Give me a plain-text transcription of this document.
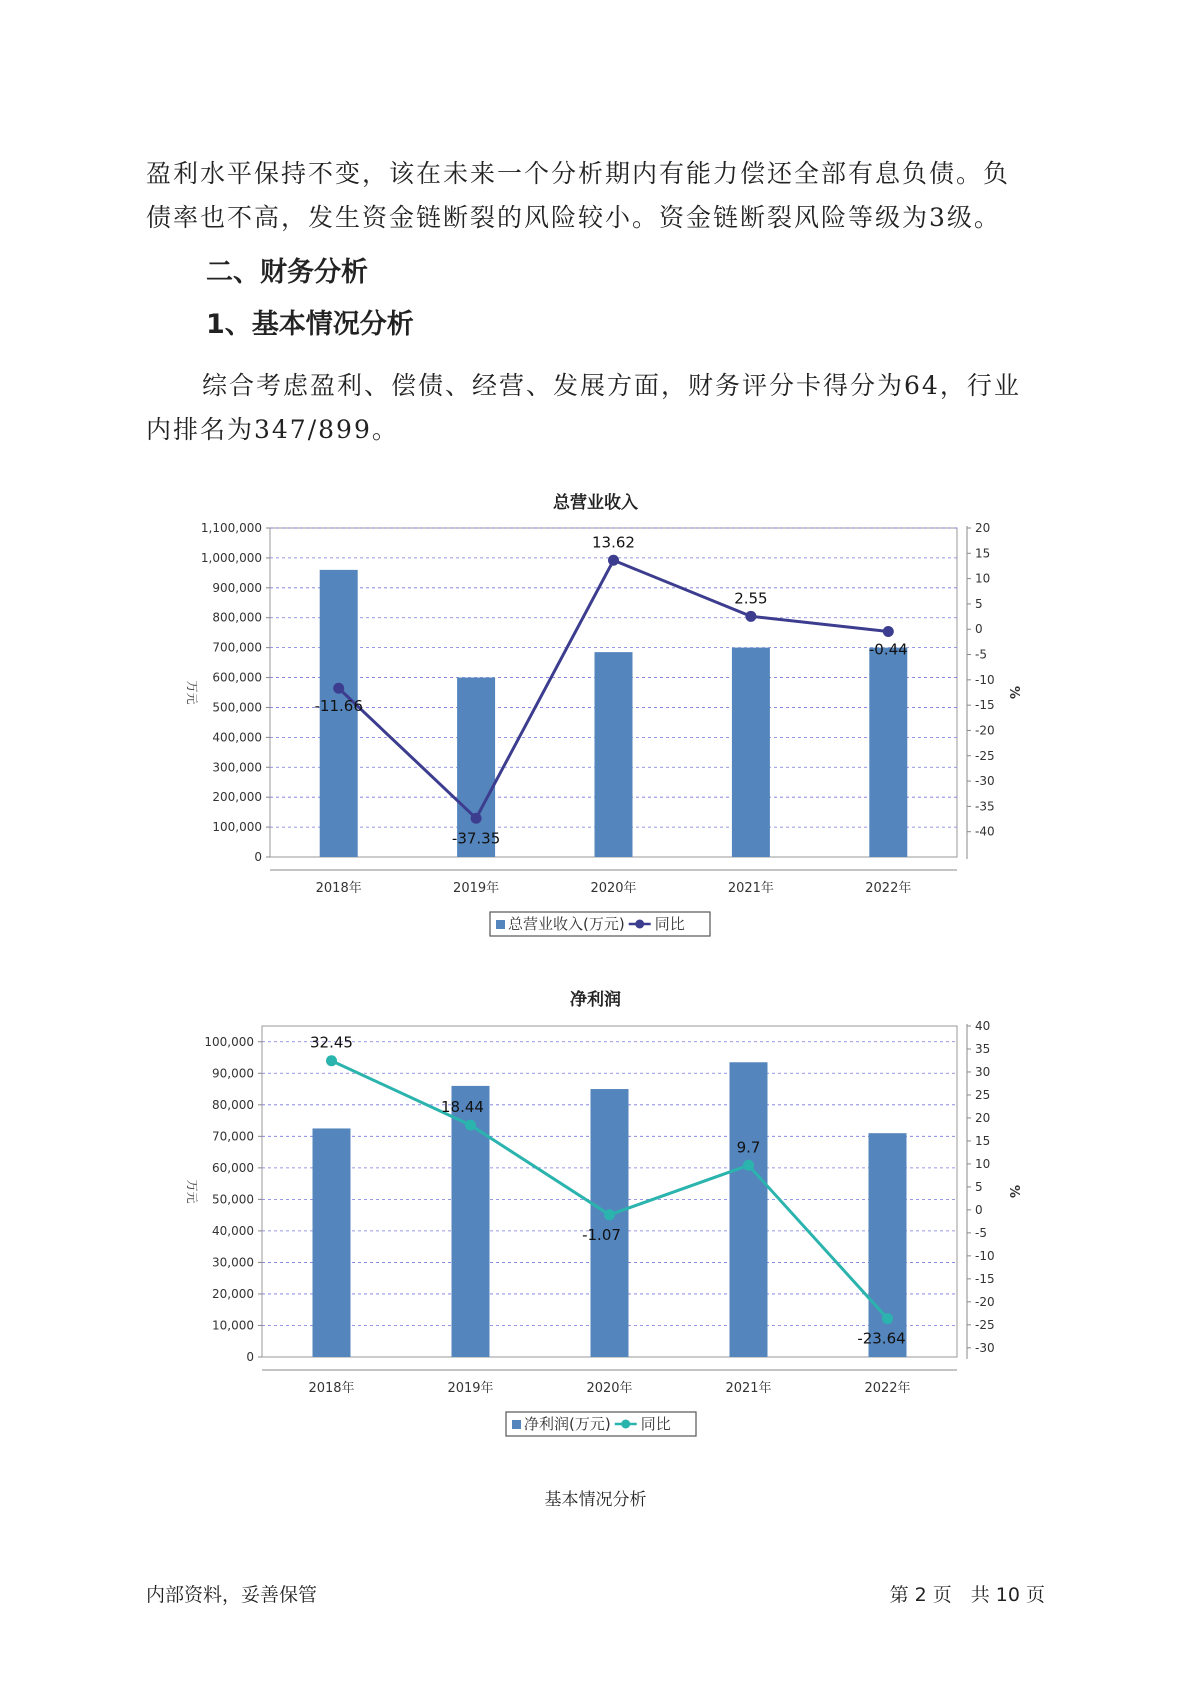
盈利水平保持不变，该在未来一个分析期内有能力偿还全部有息负债。负

债率也不高，发生资金链断裂的风险较小。资金链断裂风险等级为3级。

二、财务分析
1、基本情况分析

综合考虑盈利、偿债、经营、发展方面，财务评分卡得分为64，行业

内排名为347/899。

总营业收入
0
100,000
200,000
300,000
400,000
500,000
600,000
700,000
800,000
900,000
1,000,000
1,100,000
-40
-35
-30
-25
-20
-15
-10
-5
0
5
10
15
20
万元	%
2018年	2019年	2020年	2021年	2022年
-11.66
-37.35
13.62
2.55
-0.44
总营业收入(万元) 同比
净利润
0
10,000
20,000
30,000
40,000
50,000
60,000
70,000
80,000
90,000
100,000
-30
-25
-20
-15
-10
-5
0
5
10
15
20
25
30
35
40
万元	%
2018年	2019年	2020年	2021年	2022年
32.45
18.44
-1.07
9.7
-23.64
净利润(万元) 同比
基本情况分析
内部资料，妥善保管	第 2 页　共 10 页
